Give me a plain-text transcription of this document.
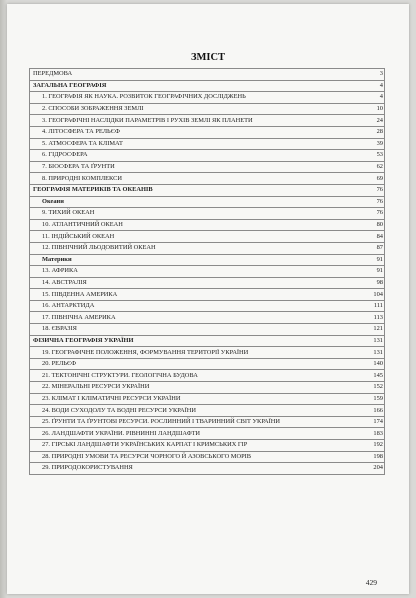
ЗМІСТ
ПЕРЕДМОВА	3
ЗАГАЛЬНА ГЕОГРАФІЯ	4
1. ГЕОГРАФІЯ ЯК НАУКА. РОЗВИТОК ГЕОГРАФІЧНИХ ДОСЛІДЖЕНЬ	4
2. СПОСОБИ ЗОБРАЖЕННЯ ЗЕМЛІ	10
3. ГЕОГРАФІЧНІ НАСЛІДКИ ПАРАМЕТРІВ І РУХІВ ЗЕМЛІ ЯК ПЛАНЕТИ	24
4. ЛІТОСФЕРА ТА РЕЛЬЄФ	28
5. АТМОСФЕРА ТА КЛІМАТ	39
6. ГІДРОСФЕРА	53
7. БІОСФЕРА ТА ҐРУНТИ	62
8. ПРИРОДНІ КОМПЛЕКСИ	69
ГЕОГРАФІЯ МАТЕРИКІВ ТА ОКЕАНІВ	76
Океани	76
9. ТИХИЙ ОКЕАН	76
10. АТЛАНТИЧНИЙ ОКЕАН	80
11. ІНДІЙСЬКИЙ ОКЕАН	84
12. ПІВНІЧНИЙ ЛЬОДОВИТИЙ ОКЕАН	87
Материки	91
13. АФРИКА	91
14. АВСТРАЛІЯ	98
15. ПІВДЕННА АМЕРИКА	104
16. АНТАРКТИДА	111
17. ПІВНІЧНА АМЕРИКА	113
18. ЄВРАЗІЯ	121
ФІЗИЧНА ГЕОГРАФІЯ УКРАЇНИ	131
19. ГЕОГРАФІЧНЕ ПОЛОЖЕННЯ, ФОРМУВАННЯ ТЕРИТОРІЇ УКРАЇНИ	131
20. РЕЛЬЄФ	140
21. ТЕКТОНІЧНІ СТРУКТУРИ. ГЕОЛОГІЧНА БУДОВА	145
22. МІНЕРАЛЬНІ РЕСУРСИ УКРАЇНИ	152
23. КЛІМАТ І КЛІМАТИЧНІ РЕСУРСИ УКРАЇНИ	159
24. ВОДИ СУХОДОЛУ ТА ВОДНІ РЕСУРСИ УКРАЇНИ	166
25. ҐРУНТИ ТА ҐРУНТОВІ РЕСУРСИ. РОСЛИННИЙ І ТВАРИННИЙ СВІТ УКРАЇНИ	174
26. ЛАНДШАФТИ УКРАЇНИ. РІВНИННІ ЛАНДШАФТИ	183
27. ГІРСЬКІ ЛАНДШАФТИ УКРАЇНСЬКИХ КАРПАТ І КРИМСЬКИХ ГІР	192
28. ПРИРОДНІ УМОВИ ТА РЕСУРСИ ЧОРНОГО Й АЗОВСЬКОГО МОРІВ	198
29. ПРИРОДОКОРИСТУВАННЯ	204
429
